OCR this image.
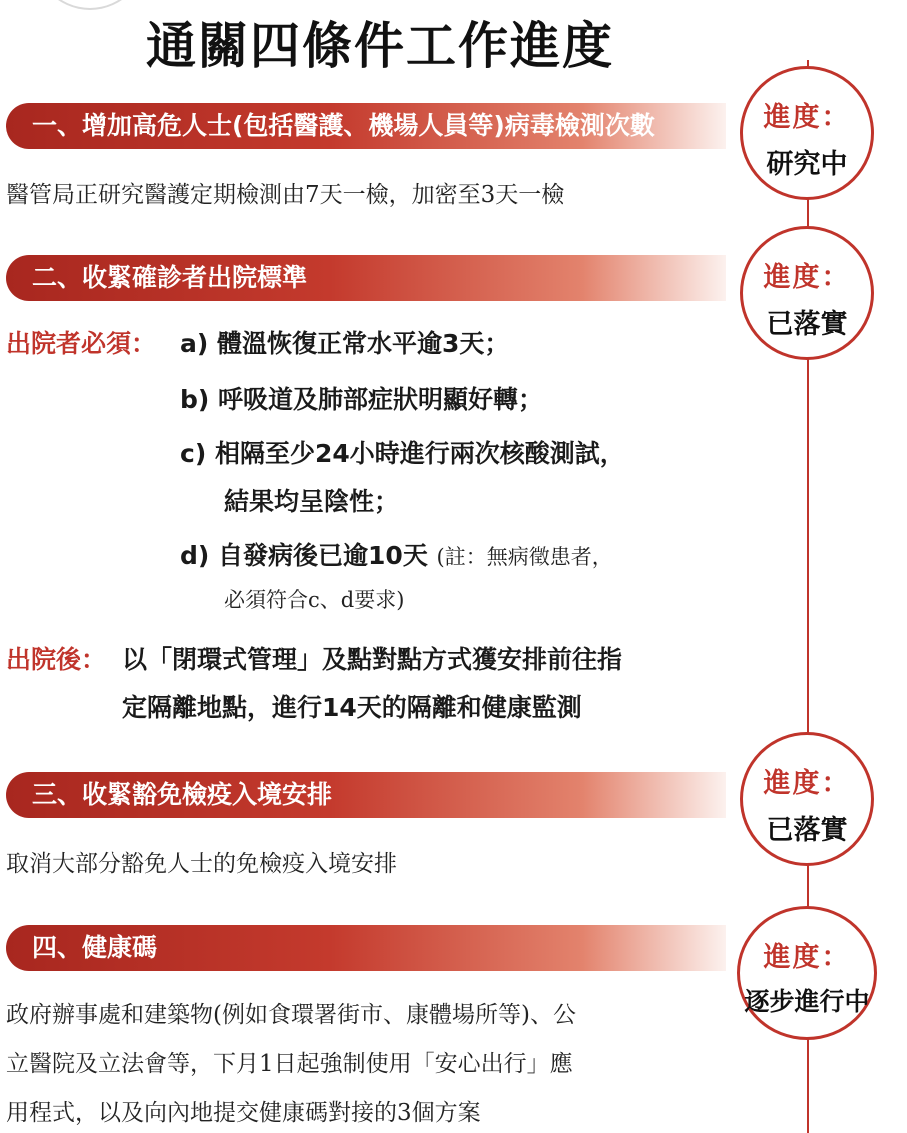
通關四條件工作進度
一、增加高危人士(包括醫護、機場人員等)病毒檢測次數	進度：
研究中
醫管局正研究醫護定期檢測由7天一檢，加密至3天一檢
二、收緊確診者出院標準	進度：
已落實
出院者必須： a) 體溫恢復正常水平逾3天；
b) 呼吸道及肺部症狀明顯好轉；
c) 相隔至少24小時進行兩次核酸測試，
結果均呈陰性；
d) 自發病後已逾10天 (註：無病徵患者，
必須符合c、d要求)
出院後： 以「閉環式管理」及點對點方式獲安排前往指
定隔離地點，進行14天的隔離和健康監測
三、收緊豁免檢疫入境安排	進度：
已落實
取消大部分豁免人士的免檢疫入境安排
四、健康碼	進度：
逐步進行中
政府辦事處和建築物(例如食環署街市、康體場所等)、公
立醫院及立法會等，下月1日起強制使用「安心出行」應
用程式，以及向內地提交健康碼對接的3個方案
